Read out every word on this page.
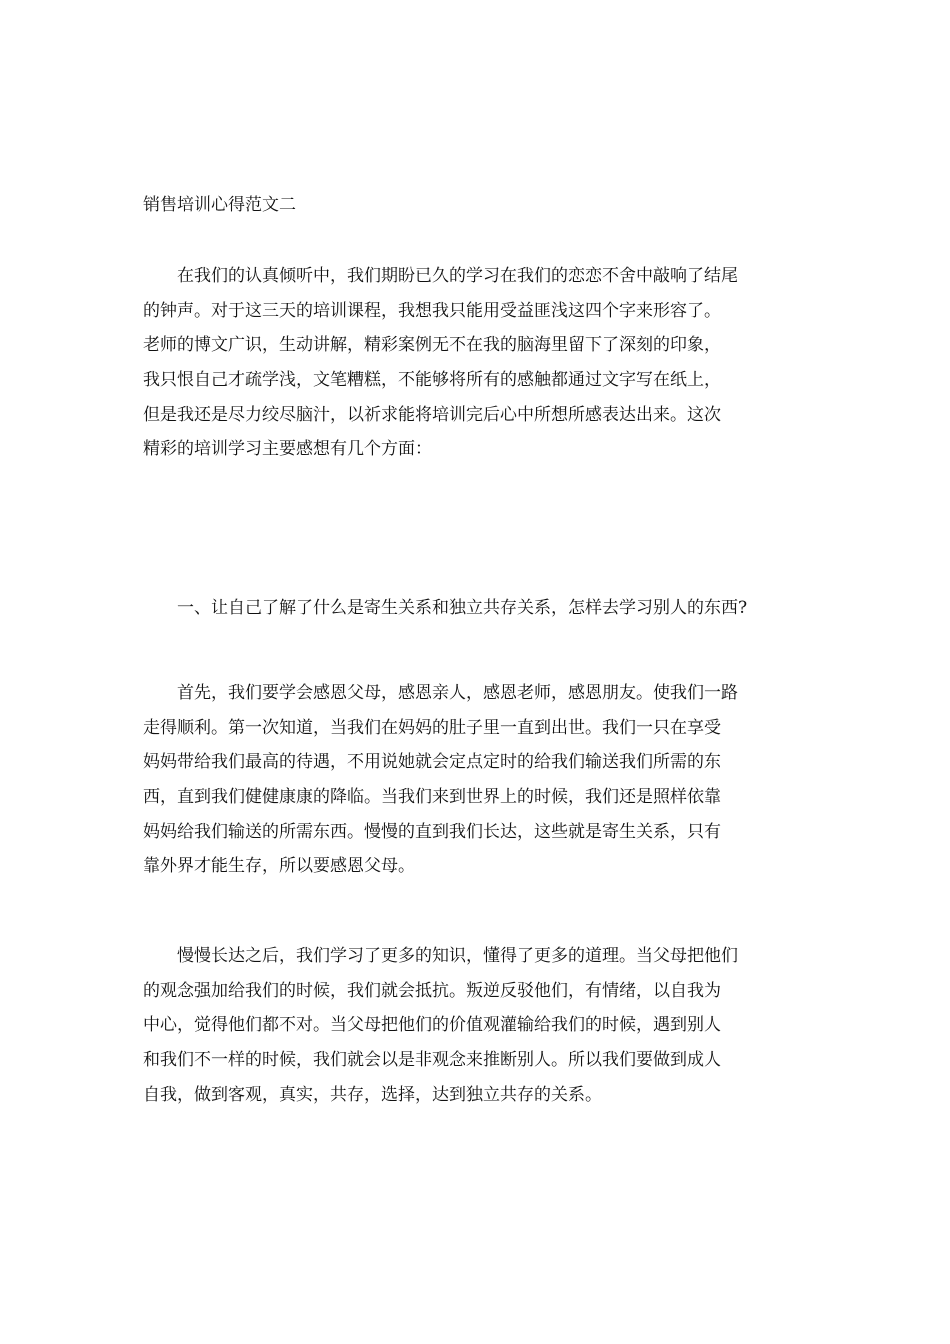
销售培训心得范文二
在我们的认真倾听中，我们期盼已久的学习在我们的恋恋不舍中敲响了结尾
的钟声。对于这三天的培训课程，我想我只能用受益匪浅这四个字来形容了。
老师的博文广识，生动讲解，精彩案例无不在我的脑海里留下了深刻的印象，
我只恨自己才疏学浅，文笔糟糕，不能够将所有的感触都通过文字写在纸上，
但是我还是尽力绞尽脑汁，以祈求能将培训完后心中所想所感表达出来。这次
精彩的培训学习主要感想有几个方面：
一、让自己了解了什么是寄生关系和独立共存关系，怎样去学习别人的东西?
首先，我们要学会感恩父母，感恩亲人，感恩老师，感恩朋友。使我们一路
走得顺利。第一次知道，当我们在妈妈的肚子里一直到出世。我们一只在享受
妈妈带给我们最高的待遇，不用说她就会定点定时的给我们输送我们所需的东
西，直到我们健健康康的降临。当我们来到世界上的时候，我们还是照样依靠
妈妈给我们输送的所需东西。慢慢的直到我们长达，这些就是寄生关系，只有
靠外界才能生存，所以要感恩父母。
慢慢长达之后，我们学习了更多的知识，懂得了更多的道理。当父母把他们
的观念强加给我们的时候，我们就会抵抗。叛逆反驳他们，有情绪，以自我为
中心，觉得他们都不对。当父母把他们的价值观灌输给我们的时候，遇到别人
和我们不一样的时候，我们就会以是非观念来推断别人。所以我们要做到成人
自我，做到客观，真实，共存，选择，达到独立共存的关系。
